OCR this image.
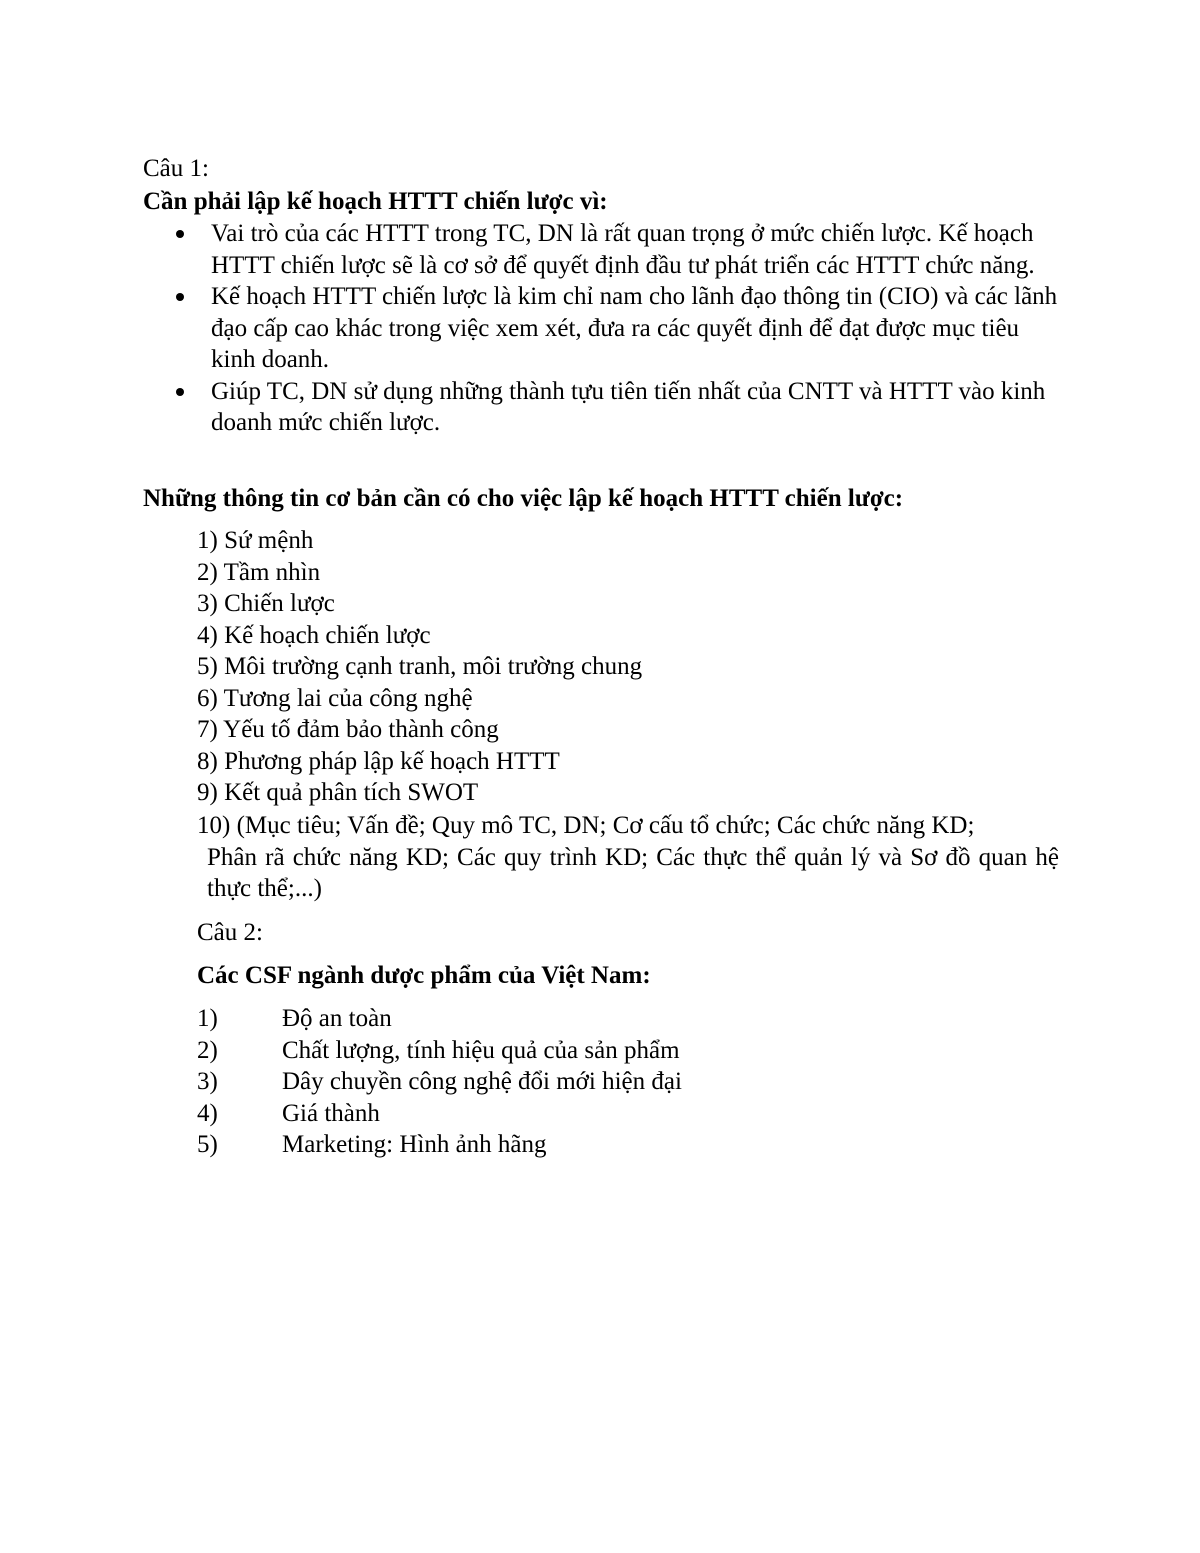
Câu 1:

Cần phải lập kế hoạch HTTT chiến lược vì:

Vai trò của các HTTT trong TC, DN là rất quan trọng ở mức chiến lược. Kế hoạch HTTT chiến lược sẽ là cơ sở để quyết định đầu tư phát triển các HTTT chức năng.
Kế hoạch HTTT chiến lược là kim chỉ nam cho lãnh đạo thông tin (CIO) và các lãnh đạo cấp cao khác trong việc xem xét, đưa ra các quyết định để đạt được mục tiêu kinh doanh.
Giúp TC, DN sử dụng những thành tựu tiên tiến nhất của CNTT và HTTT vào kinh doanh mức chiến lược.

Những thông tin cơ bản cần có cho việc lập kế hoạch HTTT chiến lược:

1) Sứ mệnh
2) Tầm nhìn
3) Chiến lược
4) Kế hoạch chiến lược
5) Môi trường cạnh tranh, môi trường chung
6) Tương lai của công nghệ
7) Yếu tố đảm bảo thành công
8) Phương pháp lập kế hoạch HTTT
9) Kết quả phân tích SWOT
10) (Mục tiêu; Vấn đề; Quy mô TC, DN; Cơ cấu tổ chức; Các chức năng KD;
Phân rã chức năng KD; Các quy trình KD; Các thực thể quản lý và Sơ đồ quan hệ thực thể;...)

Câu 2:

Các CSF ngành dược phẩm của Việt Nam:

1)	Độ an toàn
2)	Chất lượng, tính hiệu quả của sản phẩm
3)	Dây chuyền công nghệ đổi mới hiện đại
4)	Giá thành
5)	Marketing: Hình ảnh hãng
